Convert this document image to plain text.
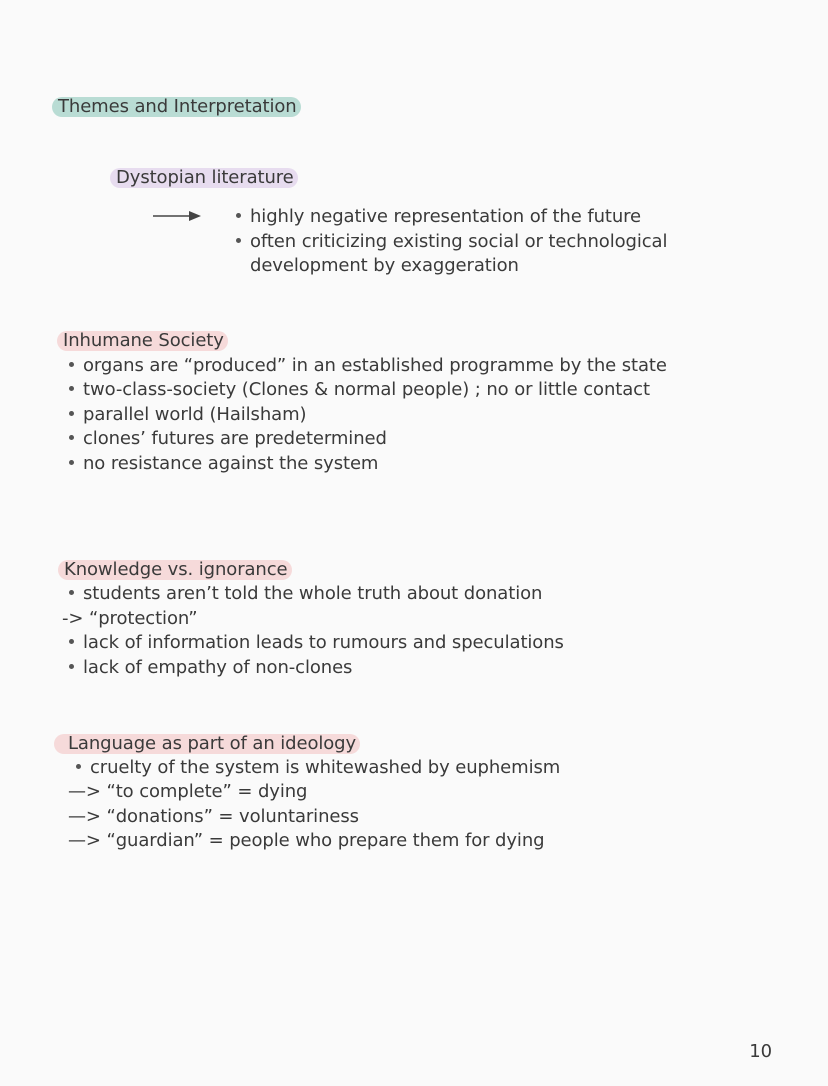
Themes and Interpretation
Dystopian literature
highly negative representation of the future
often criticizing existing social or technological
development by exaggeration
Inhumane Society
organs are “produced” in an established programme by the state
two-class-society (Clones & normal people) ; no or little contact
parallel world (Hailsham)
clones’ futures are predetermined
no resistance against the system
Knowledge vs. ignorance
students aren’t told the whole truth about donation
-> “protection”
lack of information leads to rumours and speculations
lack of empathy of non-clones
Language as part of an ideology
cruelty of the system is whitewashed by euphemism
—> “to complete” = dying
—> “donations” = voluntariness
—> “guardian” = people who prepare them for dying
10
